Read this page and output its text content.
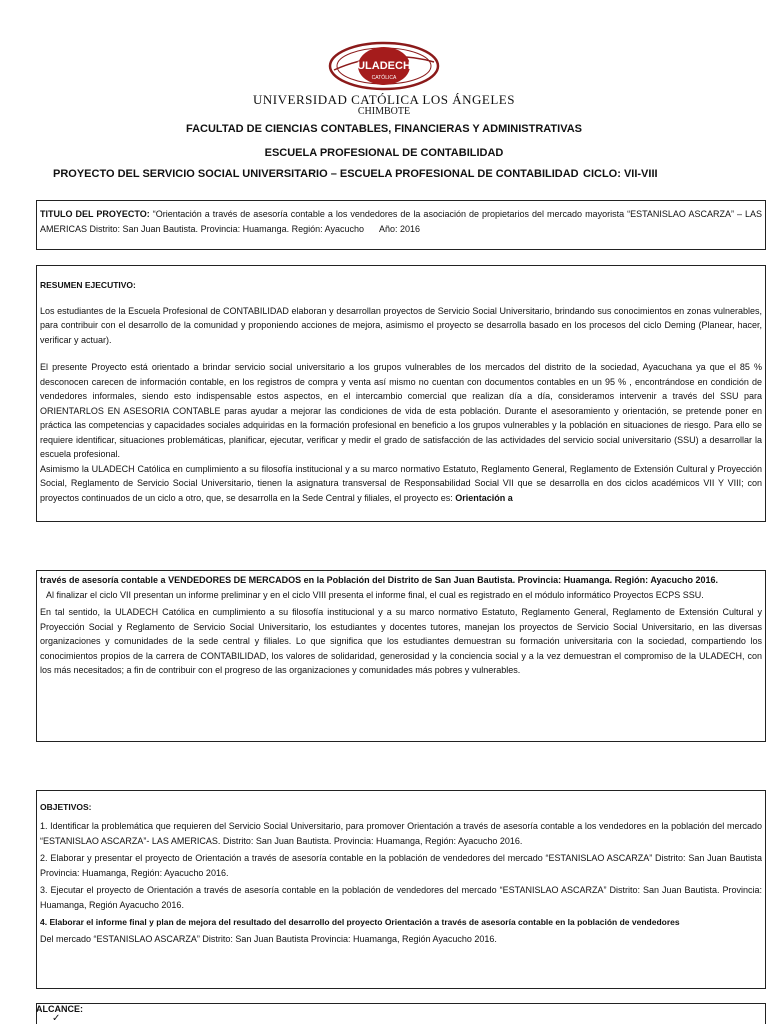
ULADECH
CATÓLICA
UNIVERSIDAD CATÓLICA LOS ÁNGELES
CHIMBOTE
FACULTAD DE CIENCIAS CONTABLES, FINANCIERAS Y ADMINISTRATIVAS
ESCUELA PROFESIONAL DE CONTABILIDAD
PROYECTO DEL SERVICIO SOCIAL UNIVERSITARIO – ESCUELA PROFESIONAL DE CONTABILIDAD CICLO: VII-VIII

TITULO DEL PROYECTO: “Orientación a través de asesoría contable a los vendedores de la asociación de propietarios del mercado mayorista “ESTANISLAO ASCARZA” – LAS AMERICAS Distrito: San Juan Bautista. Provincia: Huamanga. Región: Ayacucho Año: 2016

RESUMEN EJECUTIVO:

Los estudiantes de la Escuela Profesional de CONTABILIDAD elaboran y desarrollan proyectos de Servicio Social Universitario, brindando sus conocimientos en zonas vulnerables, para contribuir con el desarrollo de la comunidad y proponiendo acciones de mejora, asimismo el proyecto se desarrolla basado en los procesos del ciclo Deming (Planear, hacer, verificar y actuar).

El presente Proyecto está orientado a brindar servicio social universitario a los grupos vulnerables de los mercados del distrito de la sociedad, Ayacuchana ya que el 85 % desconocen carecen de información contable, en los registros de compra y venta así mismo no cuentan con documentos contables en un 95 % , encontrándose en condición de vendedores informales, siendo esto indispensable estos aspectos, en el intercambio comercial que realizan día a día, consideramos intervenir a través del SSU para ORIENTARLOS EN ASESORIA CONTABLE paras ayudar a mejorar las condiciones de vida de esta población. Durante el asesoramiento y orientación, se pretende poner en práctica las competencias y capacidades sociales adquiridas en la formación profesional en beneficio a los grupos vulnerables y la población en situaciones de riesgo. Para ello se requiere identificar, situaciones problemáticas, planificar, ejecutar, verificar y medir el grado de satisfacción de las actividades del servicio social universitario (SSU) a desarrollar la escuela profesional.

Asimismo la ULADECH Católica en cumplimiento a su filosofía institucional y a su marco normativo Estatuto, Reglamento General, Reglamento de Extensión Cultural y Proyección Social, Reglamento de Servicio Social Universitario, tienen la asignatura transversal de Responsabilidad Social VII que se desarrolla en dos ciclos académicos VII Y VIII; con proyectos continuados de un ciclo a otro, que, se desarrolla en la Sede Central y filiales, el proyecto es: Orientación a

través de asesoría contable a VENDEDORES DE MERCADOS en la Población del Distrito de San Juan Bautista. Provincia: Huamanga. Región: Ayacucho 2016.

Al finalizar el ciclo VII presentan un informe preliminar y en el ciclo VIII presenta el informe final, el cual es registrado en el módulo informático Proyectos ECPS SSU.

En tal sentido, la ULADECH Católica en cumplimiento a su filosofía institucional y a su marco normativo Estatuto, Reglamento General, Reglamento de Extensión Cultural y Proyección Social y Reglamento de Servicio Social Universitario, los estudiantes y docentes tutores, manejan los proyectos de Servicio Social Universitario, en las diversas organizaciones y comunidades de la sede central y filiales. Lo que significa que los estudiantes demuestran su formación universitaria con la sociedad, compartiendo los conocimientos propios de la carrera de CONTABILIDAD, los valores de solidaridad, generosidad y la conciencia social y a la vez demuestran el compromiso de la ULADECH, con los más necesitados; a fin de contribuir con el progreso de las organizaciones y comunidades más pobres y vulnerables.

OBJETIVOS:

1. Identificar la problemática que requieren del Servicio Social Universitario, para promover Orientación a través de asesoría contable a los vendedores en la población del mercado “ESTANISLAO ASCARZA”- LAS AMERICAS. Distrito: San Juan Bautista. Provincia: Huamanga, Región: Ayacucho 2016.

2. Elaborar y presentar el proyecto de Orientación a través de asesoría contable en la población de vendedores del mercado “ESTANISLAO ASCARZA” Distrito: San Juan Bautista Provincia: Huamanga, Región: Ayacucho 2016.

3. Ejecutar el proyecto de Orientación a través de asesoría contable en la población de vendedores del mercado “ESTANISLAO ASCARZA” Distrito: San Juan Bautista. Provincia: Huamanga, Región Ayacucho 2016.

4. Elaborar el informe final y plan de mejora del resultado del desarrollo del proyecto Orientación a través de asesoría contable en la población de vendedores

Del mercado “ESTANISLAO ASCARZA” Distrito: San Juan Bautista Provincia: Huamanga, Región Ayacucho 2016.

ALCANCE:
✓
